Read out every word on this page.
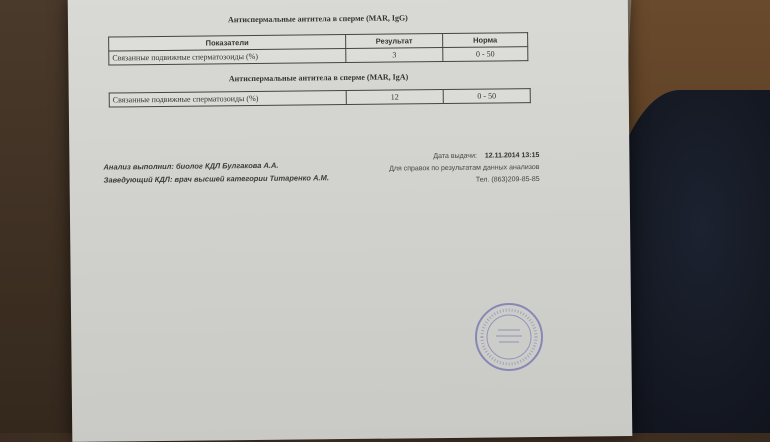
Антиспермальные антитела в сперме (MAR, IgG)
Показатели	Результат	Норма
Связанные подвижные сперматозоиды (%)	3	0 - 50
Антиспермальные антитела в сперме (MAR, IgA)
Связанные подвижные сперматозоиды (%)	12	0 - 50
Анализ выполнил: биолог КДЛ Булгакова А.А.
Заведующий КДЛ: врач высшей категории Титаренко А.М.
Дата выдачи: 12.11.2014 13:15
Для справок по результатам данных анализов
Тел. (863)209-85-85
